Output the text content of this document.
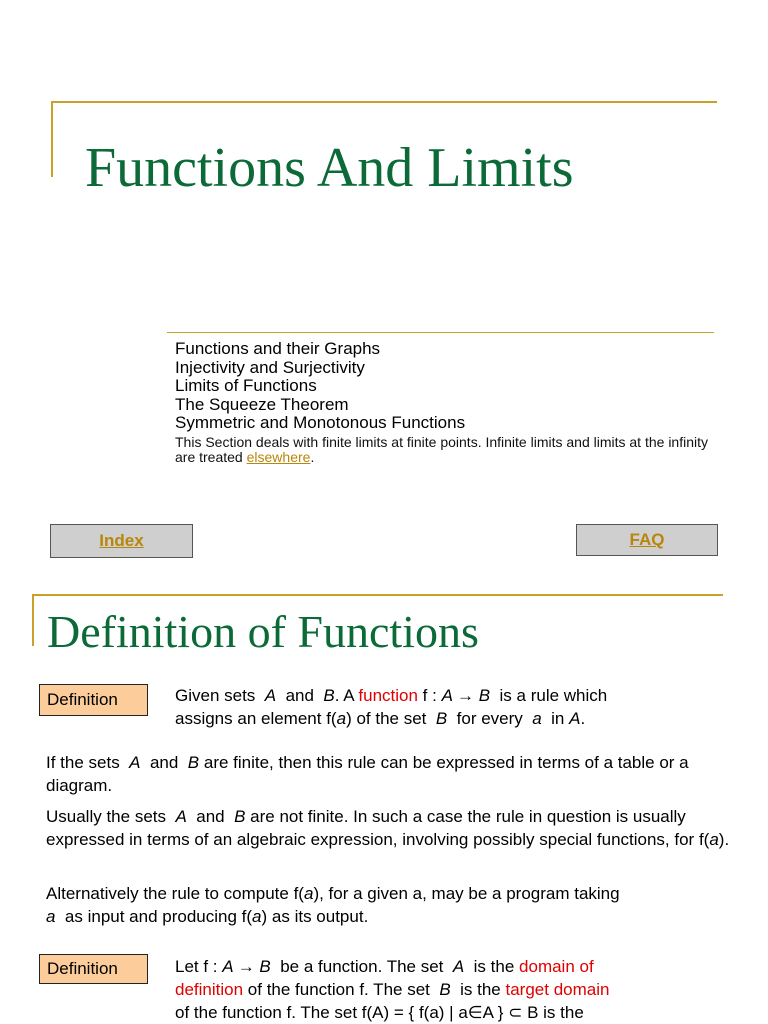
Functions And Limits
Functions and their Graphs
Injectivity and Surjectivity
Limits of Functions
The Squeeze Theorem
Symmetric and Monotonous Functions
This Section deals with finite limits at finite points. Infinite limits and limits at the infinity are treated elsewhere.
Index	FAQ
Definition of Functions
Definition	Given sets A and B. A function f : A → B is a rule which
assigns an element f(a) of the set B for every a in A.
If the sets A and B are finite, then this rule can be expressed in terms of a table or a diagram.
Usually the sets A and B are not finite. In such a case the rule in question is usually expressed in terms of an algebraic expression, involving possibly special functions, for f(a).
Alternatively the rule to compute f(a), for a given a, may be a program taking
a as input and producing f(a) as its output.
Definition	Let f : A → B be a function. The set A is the domain of
definition of the function f. The set B is the target domain
of the function f. The set f(A) = { f(a) | a∈A } ⊂ B is the
